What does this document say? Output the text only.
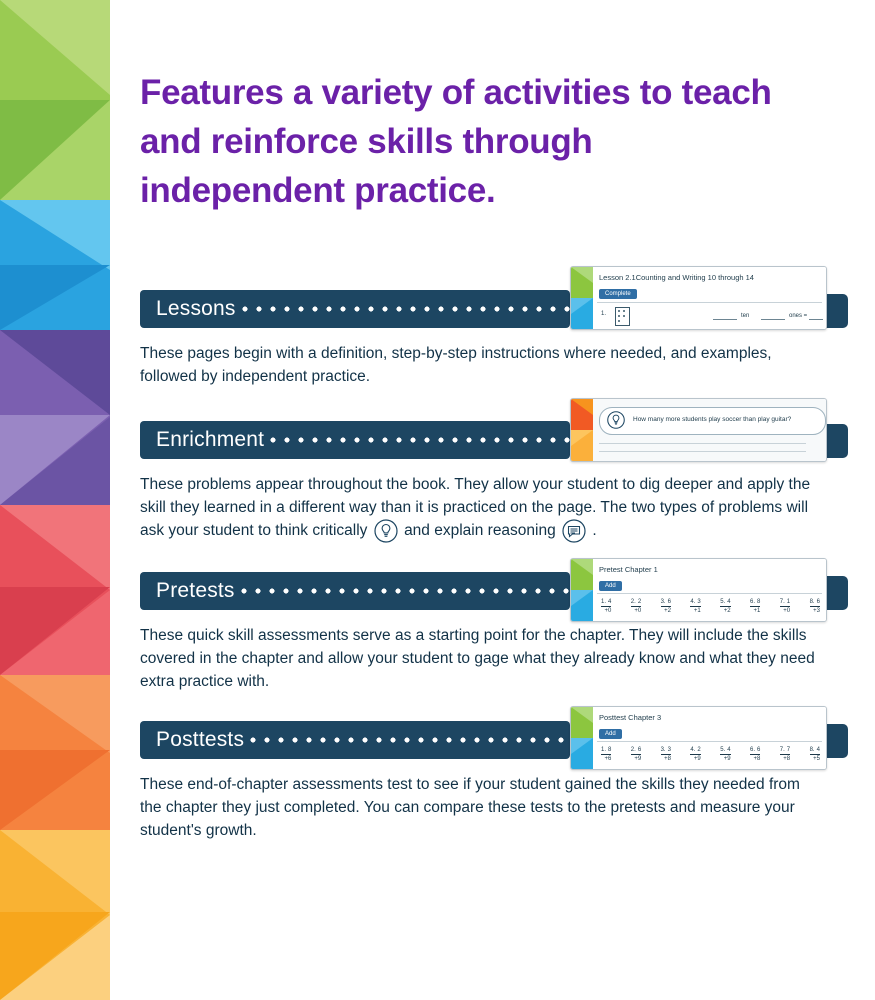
Features a variety of activities to teach and reinforce skills through independent practice.
Lessons
These pages begin with a definition, step-by-step instructions where needed, and examples, followed by independent practice.
Lesson 2.1Counting and Writing 10 through 14
Complete
1.	ten	ones =
Enrichment
These problems appear throughout the book. They allow your student to dig deeper and apply the skill they learned in a different way than it is practiced on the page. The two types of problems will ask your student to think critically and explain reasoning .
How many more students play soccer than play guitar?
Pretests
These quick skill assessments serve as a starting point for the chapter. They will include the skills covered in the chapter and allow your student to gage what they already know and what they need extra practice with.
Pretest Chapter 1
Add
1. 4
+0
2. 2
+0
3. 6
+2
4. 3
+1
5. 4
+2
6. 8
+1
7. 1
+0
8. 6
+3
Posttests
These end-of-chapter assessments test to see if your student gained the skills they needed from the chapter they just completed. You can compare these tests to the pretests and measure your student's growth.
Posttest Chapter 3
Add
1. 8
+6
2. 6
+9
3. 3
+8
4. 2
+9
5. 4
+9
6. 6
+8
7. 7
+8
8. 4
+5
